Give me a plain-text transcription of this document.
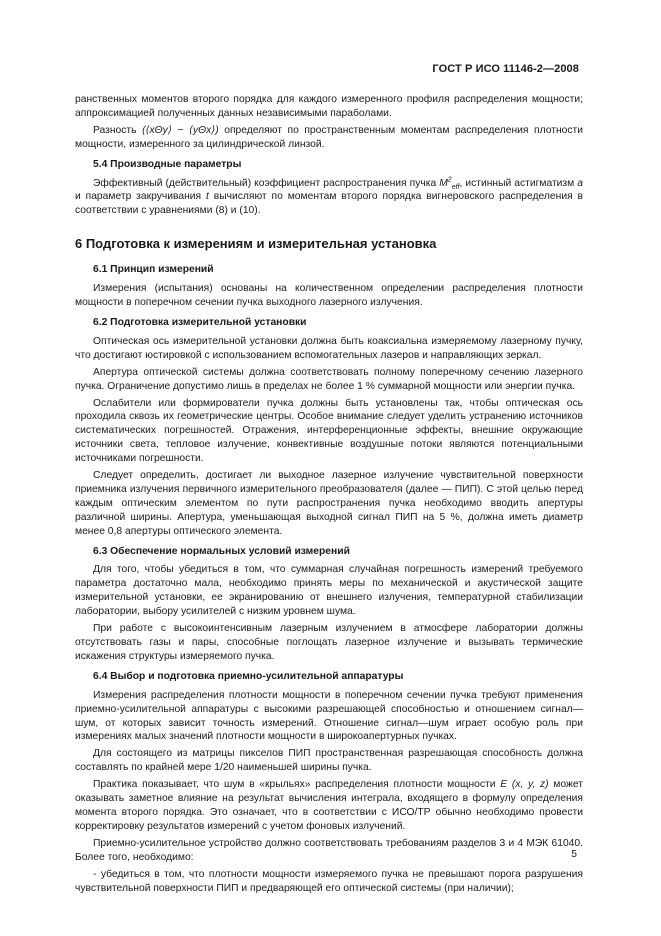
ГОСТ Р ИСО 11146-2—2008

ранственных моментов второго порядка для каждого измеренного профиля распределения мощности; аппроксимацией полученных данных независимыми параболами.

Разность (⟨xΘy⟩ − ⟨yΘx⟩) определяют по пространственным моментам распределения плотности мощности, измеренного за цилиндрической линзой.

5.4 Производные параметры

Эффективный (действительный) коэффициент распространения пучка $M^2_{eff}$, истинный астигматизм a и параметр закручивания t вычисляют по моментам второго порядка вигнеровского распределения в соответствии с уравнениями (8) и (10).

6 Подготовка к измерениям и измерительная установка
6.1 Принцип измерений

Измерения (испытания) основаны на количественном определении распределения плотности мощности в поперечном сечении пучка выходного лазерного излучения.

6.2 Подготовка измерительной установки

Оптическая ось измерительной установки должна быть коаксиальна измеряемому лазерному пучку, что достигают юстировкой с использованием вспомогательных лазеров и направляющих зеркал.

Апертура оптической системы должна соответствовать полному поперечному сечению лазерного пучка. Ограничение допустимо лишь в пределах не более 1 % суммарной мощности или энергии пучка.

Ослабители или формирователи пучка должны быть установлены так, чтобы оптическая ось проходила сквозь их геометрические центры. Особое внимание следует уделить устранению источников систематических погрешностей. Отражения, интерференционные эффекты, внешние окружающие источники света, тепловое излучение, конвективные воздушные потоки являются потенциальными источниками погрешности.

Следует определить, достигает ли выходное лазерное излучение чувствительной поверхности приемника излучения первичного измерительного преобразователя (далее — ПИП). С этой целью перед каждым оптическим элементом по пути распространения пучка необходимо вводить апертуры различной ширины. Апертура, уменьшающая выходной сигнал ПИП на 5 %, должна иметь диаметр менее 0,8 апертуры оптического элемента.

6.3 Обеспечение нормальных условий измерений

Для того, чтобы убедиться в том, что суммарная случайная погрешность измерений требуемого параметра достаточно мала, необходимо принять меры по механической и акустической защите измерительной установки, ее экранированию от внешнего излучения, температурной стабилизации лаборатории, выбору усилителей с низким уровнем шума.

При работе с высокоинтенсивным лазерным излучением в атмосфере лаборатории должны отсутствовать газы и пары, способные поглощать лазерное излучение и вызывать термические искажения структуры измеряемого пучка.

6.4 Выбор и подготовка приемно-усилительной аппаратуры

Измерения распределения плотности мощности в поперечном сечении пучка требуют применения приемно-усилительной аппаратуры с высокими разрешающей способностью и отношением сигнал—шум, от которых зависит точность измерений. Отношение сигнал—шум играет особую роль при измерениях малых значений плотности мощности в широкоапертурных пучках.

Для состоящего из матрицы пикселов ПИП пространственная разрешающая способность должна составлять по крайней мере 1/20 наименьшей ширины пучка.

Практика показывает, что шум в «крыльях» распределения плотности мощности E (x, y, z) может оказывать заметное влияние на результат вычисления интеграла, входящего в формулу определения момента второго порядка. Это означает, что в соответствии с ИСО/ТР обычно необходимо провести корректировку результатов измерений с учетом фоновых излучений.

Приемно-усилительное устройство должно соответствовать требованиям разделов 3 и 4 МЭК 61040. Более того, необходимо:

- убедиться в том, что плотности мощности измеряемого пучка не превышают порога разрушения чувствительной поверхности ПИП и предваряющей его оптической системы (при наличии);

5
